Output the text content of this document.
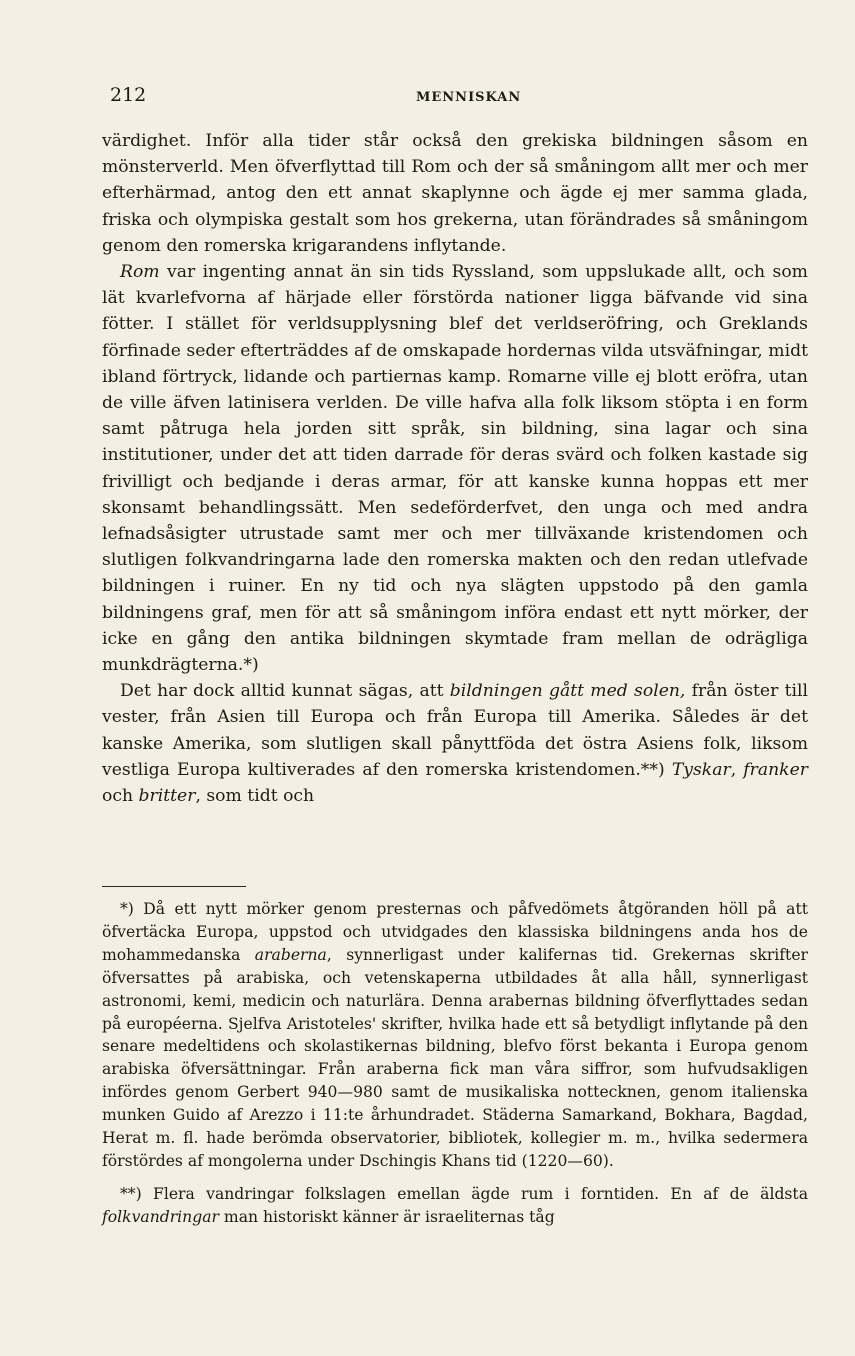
212	MENNISKAN

värdighet. Inför alla tider står också den grekiska bildningen såsom en mönsterverld. Men öfverflyttad till Rom och der så småningom allt mer och mer efterhärmad, antog den ett annat skaplynne och ägde ej mer samma glada, friska och olympiska gestalt som hos grekerna, utan förändrades så småningom genom den romerska krigarandens inflytande.

Rom var ingenting annat än sin tids Ryssland, som uppslukade allt, och som lät kvarlefvorna af härjade eller förstörda nationer ligga bäfvande vid sina fötter. I stället för verldsupplysning blef det verldseröfring, och Greklands förfinade seder efterträddes af de omskapade hordernas vilda utsväfningar, midt ibland förtryck, lidande och partiernas kamp. Romarne ville ej blott eröfra, utan de ville äfven latinisera verlden. De ville hafva alla folk liksom stöpta i en form samt påtruga hela jorden sitt språk, sin bildning, sina lagar och sina institutioner, under det att tiden darrade för deras svärd och folken kastade sig frivilligt och bedjande i deras armar, för att kanske kunna hoppas ett mer skonsamt behandlingssätt. Men sedeförderfvet, den unga och med andra lefnadsåsigter utrustade samt mer och mer tillväxande kristendomen och slutligen folkvandringarna lade den romerska makten och den redan utlefvade bildningen i ruiner. En ny tid och nya slägten uppstodo på den gamla bildningens graf, men för att så småningom införa endast ett nytt mörker, der icke en gång den antika bildningen skymtade fram mellan de odrägliga munkdrägterna.*)

Det har dock alltid kunnat sägas, att bildningen gått med solen, från öster till vester, från Asien till Europa och från Europa till Amerika. Således är det kanske Amerika, som slutligen skall pånyttföda det östra Asiens folk, liksom vestliga Europa kultiverades af den romerska kristendomen.**) Tyskar, franker och britter, som tidt och

*) Då ett nytt mörker genom presternas och påfvedömets åtgöranden höll på att öfvertäcka Europa, uppstod och utvidgades den klassiska bildningens anda hos de mohammedanska araberna, synnerligast under kalifernas tid. Grekernas skrifter öfversattes på arabiska, och vetenskaperna utbildades åt alla håll, synnerligast astronomi, kemi, medicin och naturlära. Denna arabernas bildning öfverflyttades sedan på européerna. Sjelfva Aristoteles' skrifter, hvilka hade ett så betydligt inflytande på den senare medeltidens och skolastikernas bildning, blefvo först bekanta i Europa genom arabiska öfversättningar. Från araberna fick man våra siffror, som hufvudsakligen infördes genom Gerbert 940—980 samt de musikaliska nottecknen, genom italienska munken Guido af Arezzo i 11:te århundradet. Städerna Samarkand, Bokhara, Bagdad, Herat m. fl. hade berömda observatorier, bibliotek, kollegier m. m., hvilka sedermera förstördes af mongolerna under Dschingis Khans tid (1220—60).

**) Flera vandringar folkslagen emellan ägde rum i forntiden. En af de äldsta folkvandringar man historiskt känner är israeliternas tåg
